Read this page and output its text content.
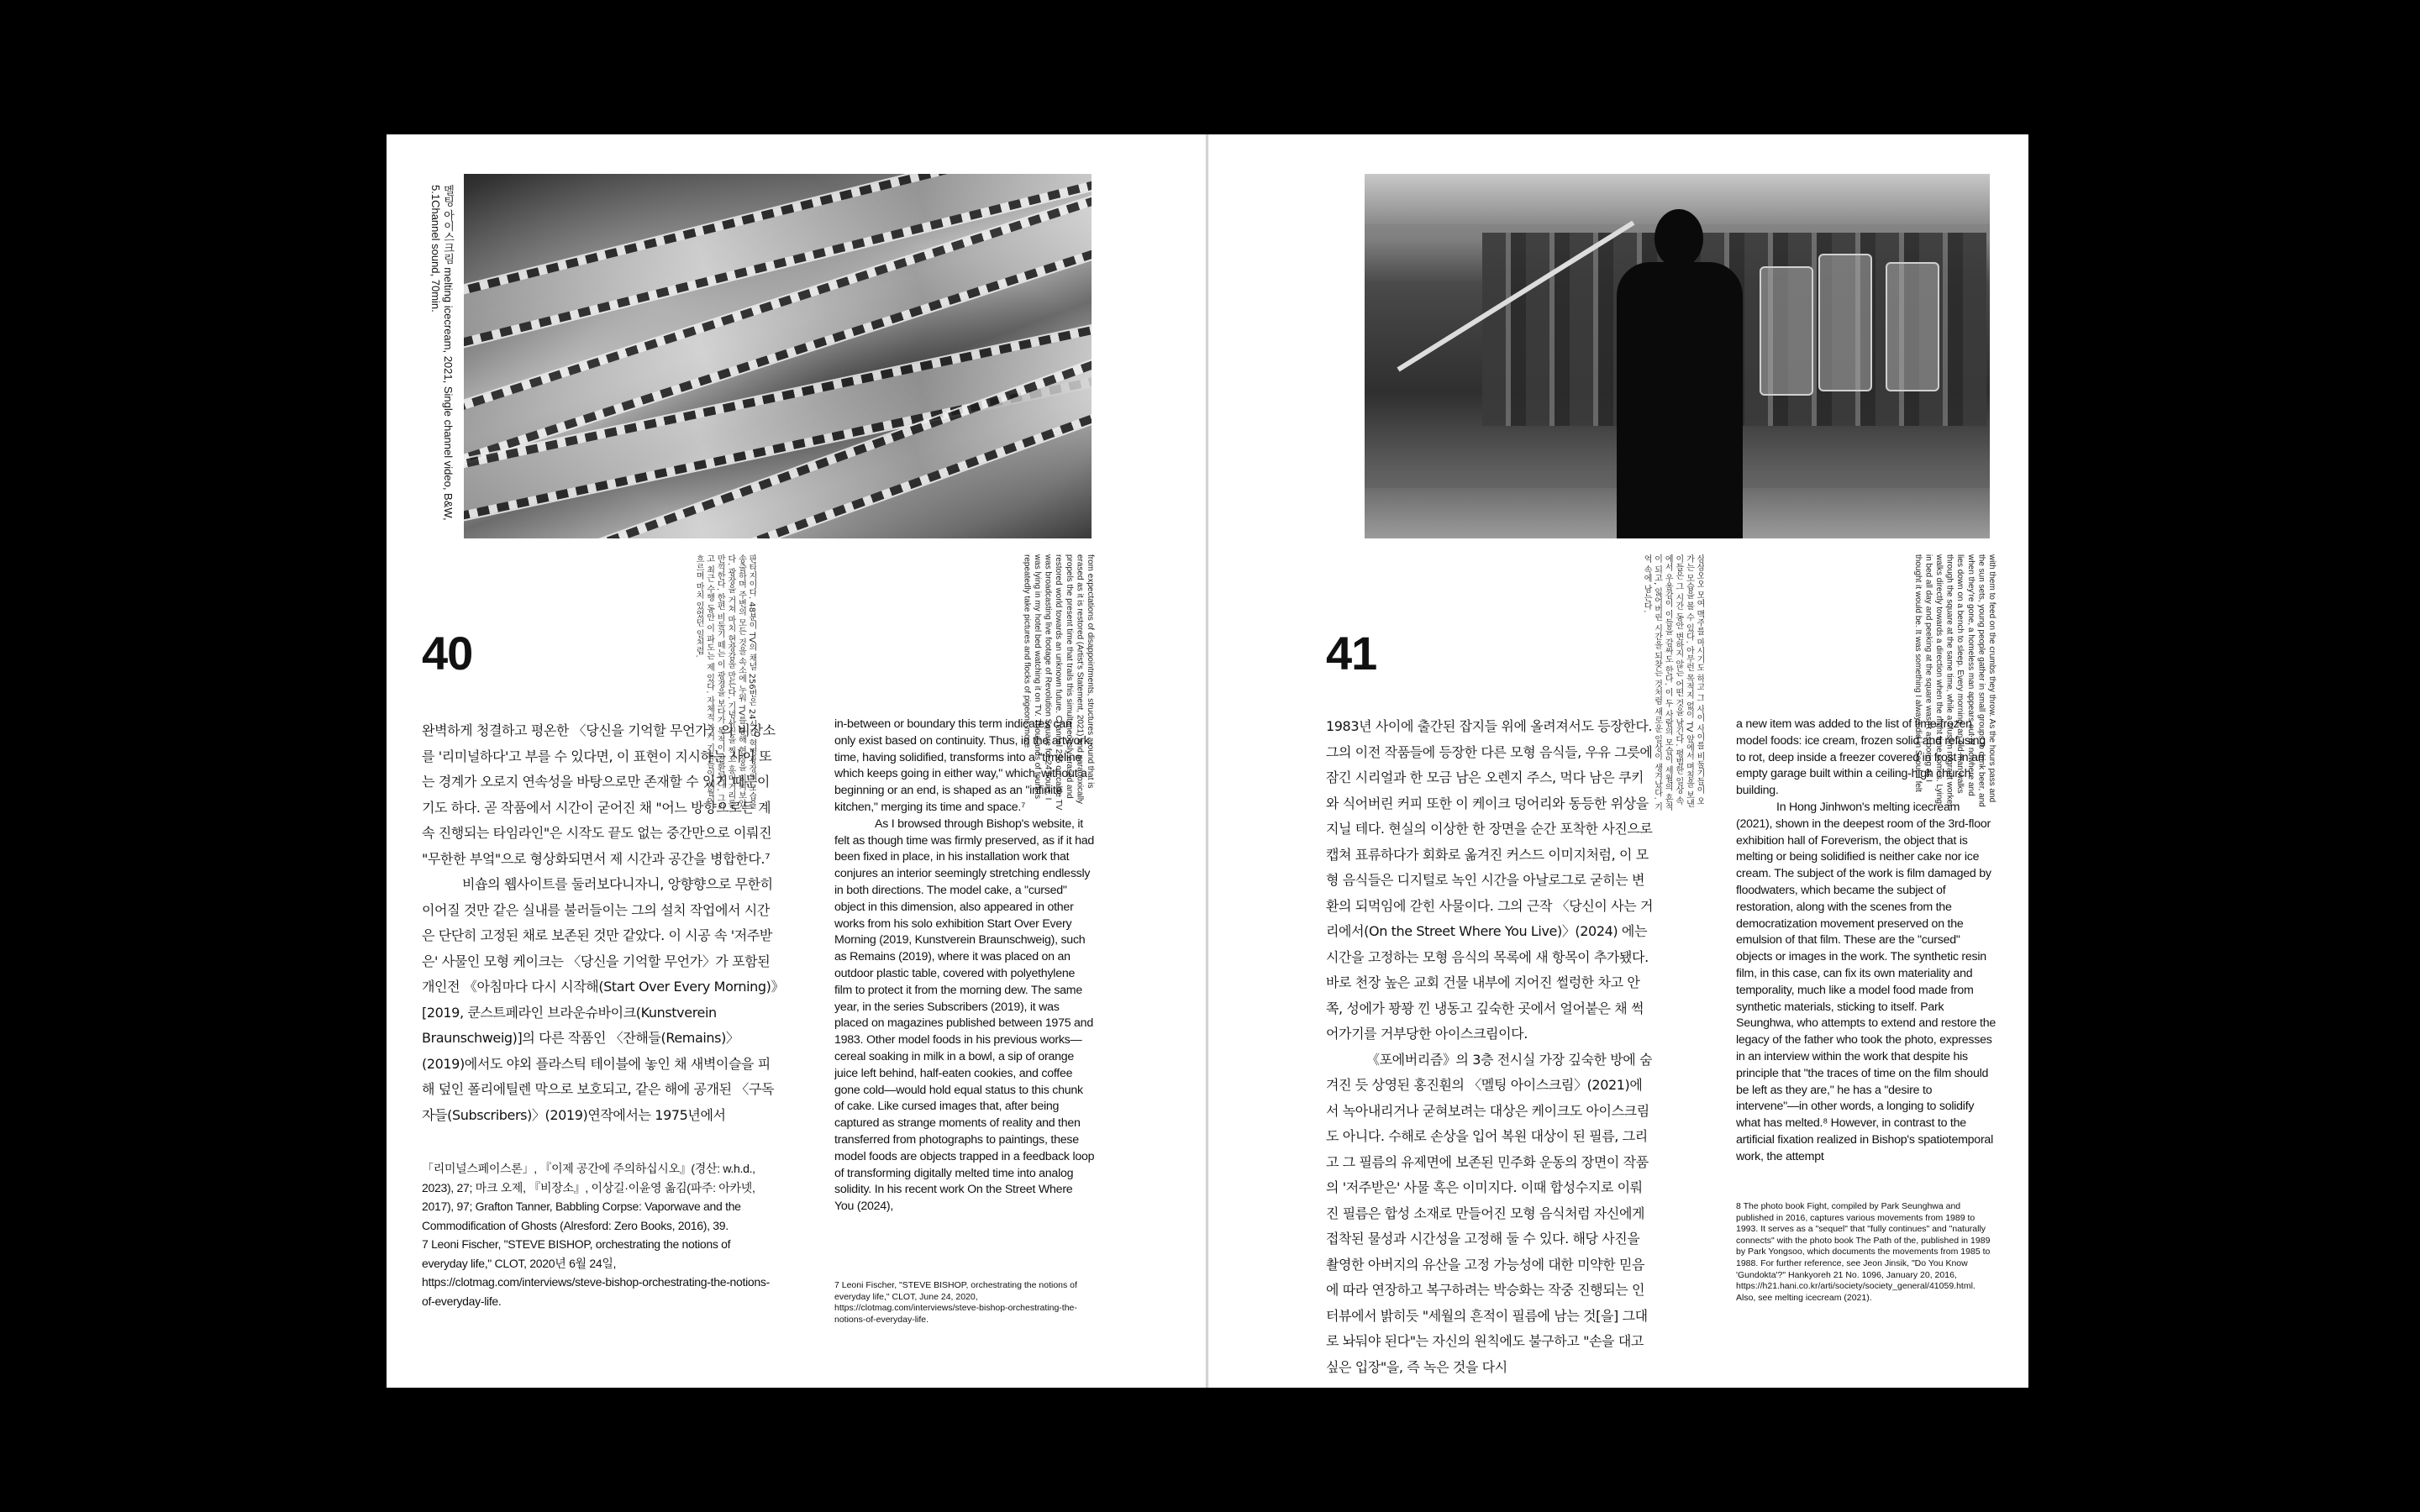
멜팅 아이스크림 melting icecream, 2021, Single channel video, B&W, 5.1Channel sound, 70min.
40	판타지이다. 48분이 TV의 채널 256번은 24시간 혁명광장의 모습을 송출하며 주변의 모든 것을 속소에 누워 TV를 통해 현장을 지켜보았다. 광장을 거쳐 마치 현장감을 만든다. 기념사진을 찍고 흥미거리를 만끽한다. 한편 비둘기 떼는 이 광경을 보다가 목적이 전환된다. 그리고 최근 수행 동안 이 파도는 제 있다. 자체적 과거 기록들이 세월이 흐르며 마치 있었던 일처럼.	from expectations of disappointments, structures around that is erased as it is restored (Artist's Statement, 2021) and paradoxically propels the present time that trails this simultaneously erased and restored world towards an unknown future. Channel 256 on cable TV was broadcasting live footage of Revolution Square for 24 hours. I was lying in my hotel bed watching it on TV. Thousands of tourists repeatedly take pictures and flocks of pigeons move

완벽하게 청결하고 평온한 〈당신을 기억할 무언가〉의 비장소를 '리미널하다'고 부를 수 있다면, 이 표현이 지시하는 사이 또는 경계가 오로지 연속성을 바탕으로만 존재할 수 있기 때문이기도 하다. 곧 작품에서 시간이 굳어진 채 "어느 방향으로든 계속 진행되는 타임라인"은 시작도 끝도 없는 중간만으로 이뤄진 "무한한 부엌"으로 형상화되면서 제 시간과 공간을 병합한다.⁷

비숍의 웹사이트를 둘러보다니자니, 앙향향으로 무한히 이어질 것만 같은 실내를 불러들이는 그의 설치 작업에서 시간은 단단히 고정된 채로 보존된 것만 같았다. 이 시공 속 '저주받은' 사물인 모형 케이크는 〈당신을 기억할 무언가〉가 포함된 개인전 《아침마다 다시 시작해(Start Over Every Morning)》[2019, 쿤스트페라인 브라운슈바이크(Kunstverein Braunschweig)]의 다른 작품인 〈잔해들(Remains)〉(2019)에서도 야외 플라스틱 테이블에 놓인 채 새벽이슬을 피해 덮인 폴리에틸렌 막으로 보호되고, 같은 해에 공개된 〈구독자들(Subscribers)〉(2019)연작에서는 1975년에서

in-between or boundary this term indicates can only exist based on continuity. Thus, in the artwork, time, having solidified, transforms into a "timeline which keeps going in either way," which, without a beginning or an end, is shaped as an "infinite kitchen," merging its time and space.⁷

As I browsed through Bishop's website, it felt as though time was firmly preserved, as if it had been fixed in place, in his installation work that conjures an interior seemingly stretching endlessly in both directions. The model cake, a "cursed" object in this dimension, also appeared in other works from his solo exhibition Start Over Every Morning (2019, Kunstverein Braunschweig), such as Remains (2019), where it was placed on an outdoor plastic table, covered with polyethylene film to protect it from the morning dew. The same year, in the series Subscribers (2019), it was placed on magazines published between 1975 and 1983. Other model foods in his previous works—cereal soaking in milk in a bowl, a sip of orange juice left behind, half-eaten cookies, and coffee gone cold—would hold equal status to this chunk of cake. Like cursed images that, after being captured as strange moments of reality and then transferred from photographs to paintings, these model foods are objects trapped in a feedback loop of transforming digitally melted time into analog solidity. In his recent work On the Street Where You (2024),

「리미널스페이스론」, 『이제 공간에 주의하십시오』(경산: w.h.d., 2023), 27; 마크 오제, 『비장소』, 이상길·이윤영 옮김(파주: 아카넷, 2017), 97; Grafton Tanner, Babbling Corpse: Vaporwave and the Commodification of Ghosts (Alresford: Zero Books, 2016), 39.

7 Leoni Fischer, "STEVE BISHOP, orchestrating the notions of everyday life," CLOT, 2020년 6월 24일, https://clotmag.com/interviews/steve-bishop-orchestrating-the-notions-of-everyday-life.

7 Leoni Fischer, "STEVE BISHOP, orchestrating the notions of everyday life," CLOT, June 24, 2020, https://clotmag.com/interviews/steve-bishop-orchestrating-the-notions-of-everyday-life.
41	삼삼오오 모여 맥주를 마시기도 하고 그 사이 사이를 비둘기들이 오가는 모습을 볼 수 있다. 아무런 목적지 없이 TV 앞에서 며칠을 보낸 이들은 그 시간 동안 변하지 않는 어떤 것을 남긴다. 평범한 일상 속에서 우울감이 이들을 감싸도 한다. 이 두 사람의 모습이 세월의 흔적이 되고, 잃어버린 시간을 되찾는 것처럼 새로운 일상이 생겨났다. 기억 속에 남는다.	with them to feed on the crumbs they throw. As the hours pass and the sun sets, young people gather in small groups to drink beer, and when they're gone, a homeless man appears out of nowhere and lies down on a bench to sleep. Every morning, an old man walks through the square at the same time, while a Muslim migrant worker walks directly towards a direction when the night time comes. Lying in bed all day and peeking at the square wasn't as boring as I thought it would be. It was something I always did in Seoul. I felt

1983년 사이에 출간된 잡지들 위에 올려져서도 등장한다. 그의 이전 작품들에 등장한 다른 모형 음식들, 우유 그릇에 잠긴 시리얼과 한 모금 남은 오렌지 주스, 먹다 남은 쿠키와 식어버린 커피 또한 이 케이크 덩어리와 동등한 위상을 지닐 테다. 현실의 이상한 한 장면을 순간 포착한 사진으로 캡쳐 표류하다가 회화로 옮겨진 커스드 이미지처럼, 이 모형 음식들은 디지털로 녹인 시간을 아날로그로 굳히는 변환의 되먹임에 갇힌 사물이다. 그의 근작 〈당신이 사는 거리에서(On the Street Where You Live)〉(2024) 에는 시간을 고정하는 모형 음식의 목록에 새 항목이 추가됐다. 바로 천장 높은 교회 건물 내부에 지어진 썰렁한 차고 안쪽, 성에가 꽝꽝 낀 냉동고 깊숙한 곳에서 얼어붙은 채 썩어가기를 거부당한 아이스크림이다.

《포에버리즘》의 3층 전시실 가장 깊숙한 방에 숨겨진 듯 상영된 홍진훤의 〈멜팅 아이스크림〉(2021)에서 녹아내리거나 굳혀보려는 대상은 케이크도 아이스크림도 아니다. 수해로 손상을 입어 복원 대상이 된 필름, 그리고 그 필름의 유제면에 보존된 민주화 운동의 장면이 작품의 '저주받은' 사물 혹은 이미지다. 이때 합성수지로 이뤄진 필름은 합성 소재로 만들어진 모형 음식처럼 자신에게 접착된 물성과 시간성을 고정해 둘 수 있다. 해당 사진을 촬영한 아버지의 유산을 고정 가능성에 대한 미약한 믿음에 따라 연장하고 복구하려는 박승화는 작중 진행되는 인터뷰에서 밝히듯 "세월의 흔적이 필름에 남는 것[을] 그대로 놔둬야 된다"는 자신의 원칙에도 불구하고 "손을 대고 싶은 입장"을, 즉 녹은 것을 다시

a new item was added to the list of time-frozen model foods: ice cream, frozen solid and refusing to rot, deep inside a freezer covered in frost in an empty garage built within a ceiling-high church building.

In Hong Jinhwon's melting icecream (2021), shown in the deepest room of the 3rd-floor exhibition hall of Foreverism, the object that is melting or being solidified is neither cake nor ice cream. The subject of the work is film damaged by floodwaters, which became the subject of restoration, along with the scenes from the democratization movement preserved on the emulsion of that film. These are the "cursed" objects or images in the work. The synthetic resin film, in this case, can fix its own materiality and temporality, much like a model food made from synthetic materials, sticking to itself. Park Seunghwa, who attempts to extend and restore the legacy of the father who took the photo, expresses in an interview within the work that despite his principle that "the traces of time on the film should be left as they are," he has a "desire to intervene"—in other words, a longing to solidify what has melted.⁸ However, in contrast to the artificial fixation realized in Bishop's spatiotemporal work, the attempt

8 The photo book Fight, compiled by Park Seunghwa and published in 2016, captures various movements from 1989 to 1993. It serves as a "sequel" that "fully continues" and "naturally connects" with the photo book The Path of the, published in 1989 by Park Yongsoo, which documents the movements from 1985 to 1988. For further reference, see Jeon Jinsik, "Do You Know 'Gundokta'?" Hankyoreh 21 No. 1096, January 20, 2016, https://h21.hani.co.kr/arti/society/society_general/41059.html. Also, see melting icecream (2021).
